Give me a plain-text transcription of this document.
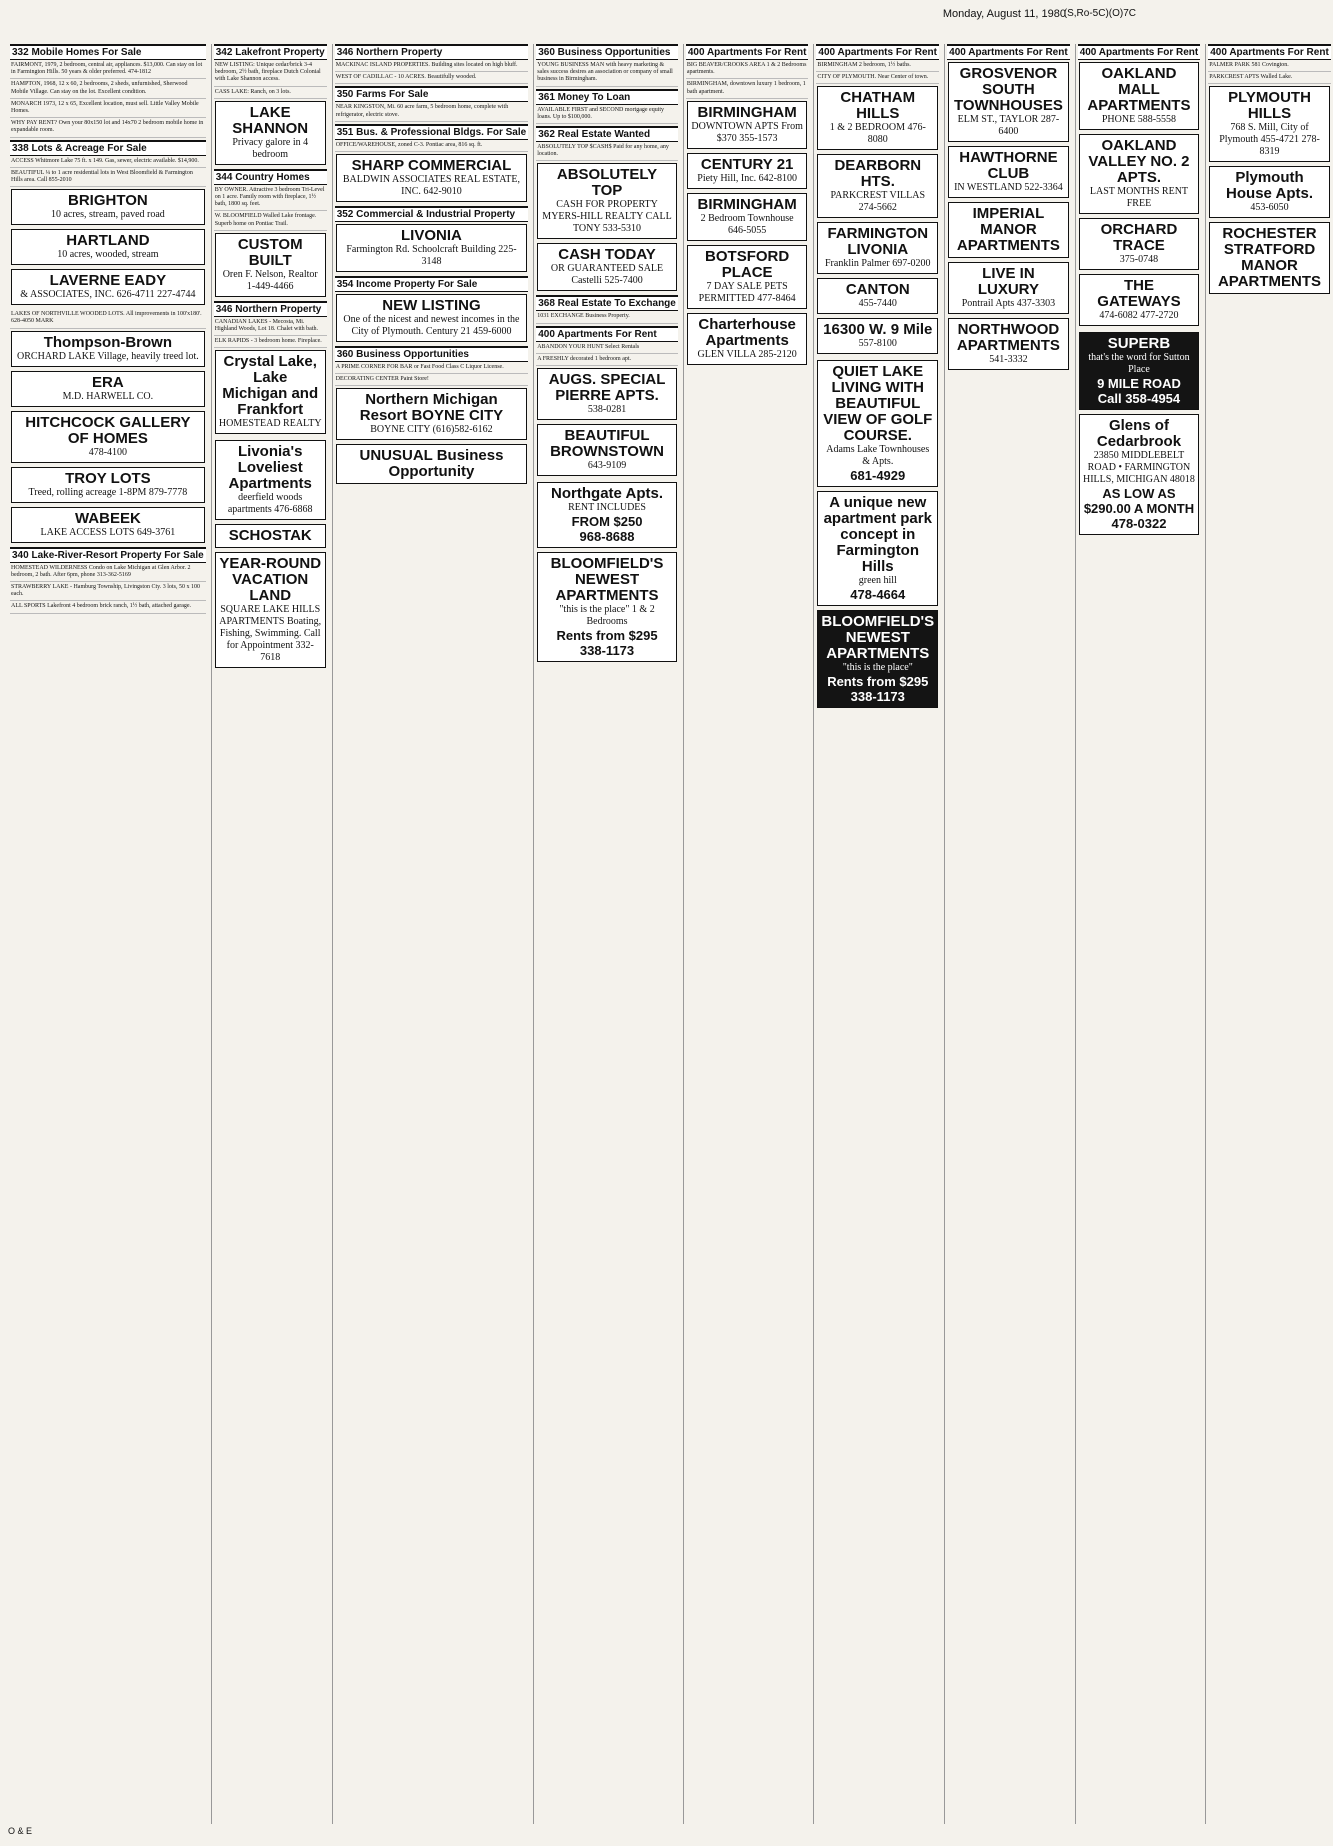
Monday, August 11, 1980
(S,Ro-5C)(O)7C
332 Mobile Homes For Sale
FAIRMONT, 1979, 2 bedroom, central air, appliances. $13,000. Can stay on lot in Farmington Hills. 50 years & older preferred. 474-1812
HAMPTON, 1968, 12 x 60, 2 bedrooms, 2 sheds, unfurnished, Sherwood Mobile Village. Can stay on the lot. Excellent condition.
MONARCH 1973, 12 x 65, Excellent location, must sell. Little Valley Mobile Homes.
WHY PAY RENT? Own your 80x150 lot and 14x70 2 bedroom mobile home in expandable room.
338 Lots & Acreage For Sale
ACCESS Whitmore Lake 75 ft. x 149. Gas, sewer, electric available. $14,900.
BEAUTIFUL ¼ to 1 acre residential lots in West Bloomfield & Farmington Hills area. Call 855-2010
BRIGHTON
10 acres, stream, paved road
HARTLAND
10 acres, wooded, stream
LAVERNE EADY
& ASSOCIATES, INC. 626-4711 227-4744
LAKES OF NORTHVILLE WOODED LOTS. All improvements in 100'x180'. 628-4050 MARK
Thompson-Brown
ORCHARD LAKE Village, heavily treed lot.
ERA
M.D. HARWELL CO.
HITCHCOCK GALLERY OF HOMES
478-4100
TROY LOTS
Treed, rolling acreage 1-8PM 879-7778
WABEEK
LAKE ACCESS LOTS 649-3761
340 Lake-River-Resort Property For Sale
HOMESTEAD WILDERNESS Condo on Lake Michigan at Glen Arbor. 2 bedroom, 2 bath. After 6pm, phone 313-362-5169
STRAWBERRY LAKE - Hamburg Township, Livingston Cty. 3 lots, 50 x 100 each.
ALL SPORTS Lakefront 4 bedroom brick ranch, 1½ bath, attached garage.
342 Lakefront Property
NEW LISTING: Unique cedar/brick 3-4 bedroom, 2½ bath, fireplace Dutch Colonial with Lake Shannon access.
CASS LAKE: Ranch, on 3 lots.
LAKE SHANNON
Privacy galore in 4 bedroom
344 Country Homes
BY OWNER. Attractive 3 bedroom Tri-Level on 1 acre. Family room with fireplace, 1½ bath, 1800 sq. feet.
W. BLOOMFIELD Walled Lake frontage. Superb home on Pontiac Trail.
CUSTOM BUILT
Oren F. Nelson, Realtor 1-449-4466
346 Northern Property
CANADIAN LAKES - Mecosta, Mi. Highland Woods, Lot 18. Chalet with bath.
ELK RAPIDS - 3 bedroom home. Fireplace.
Crystal Lake, Lake Michigan and Frankfort
HOMESTEAD REALTY
Livonia's Loveliest Apartments
deerfield woods apartments 476-6868
SCHOSTAK
YEAR-ROUND VACATION LAND
SQUARE LAKE HILLS APARTMENTS Boating, Fishing, Swimming. Call for Appointment 332-7618
346 Northern Property
MACKINAC ISLAND PROPERTIES. Building sites located on high bluff.
WEST OF CADILLAC - 10 ACRES. Beautifully wooded.
350 Farms For Sale
NEAR KINGSTON, Mi. 60 acre farm, 5 bedroom home, complete with refrigerator, electric stove.
351 Bus. & Professional Bldgs. For Sale
OFFICE/WAREHOUSE, zoned C-3. Pontiac area, 816 sq. ft.
SHARP COMMERCIAL
BALDWIN ASSOCIATES REAL ESTATE, INC. 642-9010
352 Commercial & Industrial Property
LIVONIA
Farmington Rd. Schoolcraft Building 225-3148
354 Income Property For Sale
NEW LISTING
One of the nicest and newest incomes in the City of Plymouth. Century 21 459-6000
360 Business Opportunities
A PRIME CORNER FOR BAR or Fast Food Class C Liquor License.
DECORATING CENTER Paint Store!
Northern Michigan Resort BOYNE CITY
BOYNE CITY (616)582-6162
UNUSUAL Business Opportunity
360 Business Opportunities
YOUNG BUSINESS MAN with heavy marketing & sales success desires an association or company of small business in Birmingham.
361 Money To Loan
AVAILABLE FIRST and SECOND mortgage equity loans. Up to $100,000.
362 Real Estate Wanted
ABSOLUTELY TOP $CASH$ Paid for any home, any location.
ABSOLUTELY TOP
CASH FOR PROPERTY MYERS-HILL REALTY CALL TONY 533-5310
CASH TODAY
OR GUARANTEED SALE Castelli 525-7400
368 Real Estate To Exchange
1031 EXCHANGE Business Property.
400 Apartments For Rent
ABANDON YOUR HUNT Select Rentals
A FRESHLY decorated 1 bedroom apt.
AUGS. SPECIAL PIERRE APTS.
538-0281
BEAUTIFUL BROWNSTOWN
643-9109
Northgate Apts.
RENT INCLUDES
FROM $250
968-8688
BLOOMFIELD'S NEWEST APARTMENTS
"this is the place" 1 & 2 Bedrooms
Rents from $295
338-1173
400 Apartments For Rent
BIG BEAVER/CROOKS AREA 1 & 2 Bedrooms apartments.
BIRMINGHAM, downtown luxury 1 bedroom, 1 bath apartment.
BIRMINGHAM
DOWNTOWN APTS From $370 355-1573
CENTURY 21
Piety Hill, Inc. 642-8100
BIRMINGHAM
2 Bedroom Townhouse 646-5055
BOTSFORD PLACE
7 DAY SALE PETS PERMITTED 477-8464
Charterhouse Apartments
GLEN VILLA 285-2120
400 Apartments For Rent
BIRMINGHAM 2 bedroom, 1½ baths.
CITY OF PLYMOUTH. Near Center of town.
CHATHAM HILLS
1 & 2 BEDROOM 476-8080
DEARBORN HTS.
PARKCREST VILLAS 274-5662
FARMINGTON LIVONIA
Franklin Palmer 697-0200
CANTON
455-7440
16300 W. 9 Mile
557-8100
QUIET LAKE LIVING WITH BEAUTIFUL VIEW OF GOLF COURSE.
Adams Lake Townhouses & Apts.
681-4929
A unique new apartment park concept in Farmington Hills
green hill
478-4664
BLOOMFIELD'S NEWEST APARTMENTS
"this is the place"
Rents from $295
338-1173
400 Apartments For Rent
GROSVENOR SOUTH TOWNHOUSES
ELM ST., TAYLOR 287-6400
HAWTHORNE CLUB
IN WESTLAND 522-3364
IMPERIAL MANOR APARTMENTS
LIVE IN LUXURY
Pontrail Apts 437-3303
NORTHWOOD APARTMENTS
541-3332
400 Apartments For Rent
OAKLAND MALL APARTMENTS
PHONE 588-5558
OAKLAND VALLEY NO. 2 APTS.
LAST MONTHS RENT FREE
ORCHARD TRACE
375-0748
THE GATEWAYS
474-6082 477-2720
SUPERB
that's the word for Sutton Place
9 MILE ROAD
Call 358-4954
Glens of Cedarbrook
23850 MIDDLEBELT ROAD • FARMINGTON HILLS, MICHIGAN 48018
AS LOW AS $290.00 A MONTH
478-0322
400 Apartments For Rent
PALMER PARK 581 Covington.
PARKCREST APTS Walled Lake.
PLYMOUTH HILLS
768 S. Mill, City of Plymouth 455-4721 278-8319
Plymouth House Apts.
453-6050
ROCHESTER STRATFORD MANOR APARTMENTS
O & E
